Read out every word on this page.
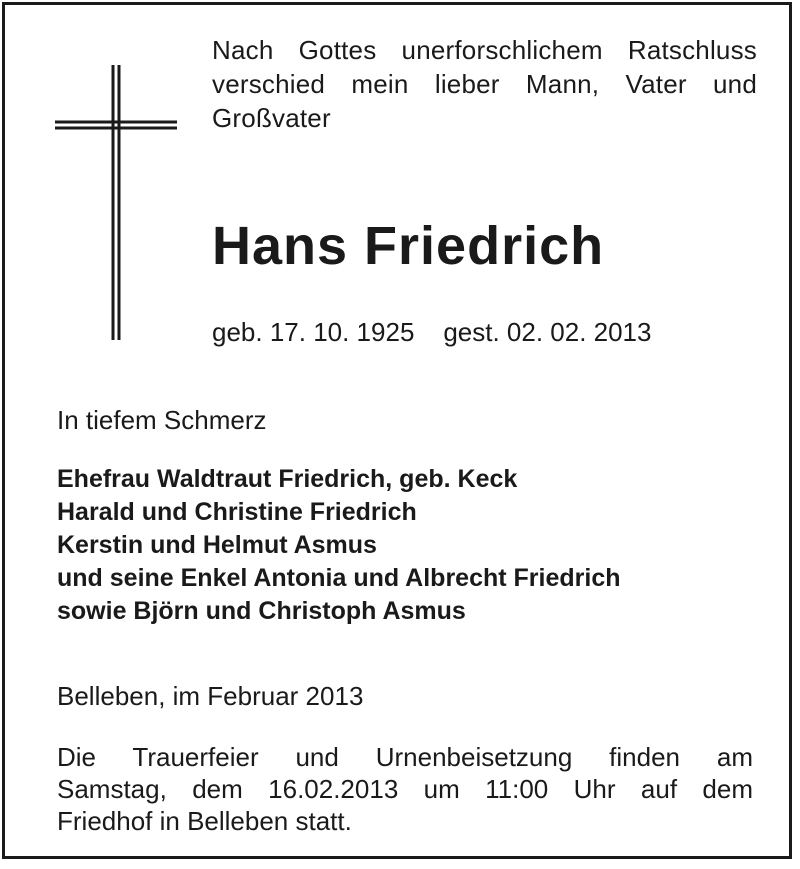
Nach Gottes unerforschlichem Ratschluss
verschied mein lieber Mann, Vater und
Großvater
Hans Friedrich
geb. 17. 10. 1925 gest. 02. 02. 2013
In tiefem Schmerz
Ehefrau Waldtraut Friedrich, geb. Keck
Harald und Christine Friedrich
Kerstin und Helmut Asmus
und seine Enkel Antonia und Albrecht Friedrich
sowie Björn und Christoph Asmus
Belleben, im Februar 2013
Die Trauerfeier und Urnenbeisetzung finden am
Samstag, dem 16.02.2013 um 11:00 Uhr auf dem
Friedhof in Belleben statt.
